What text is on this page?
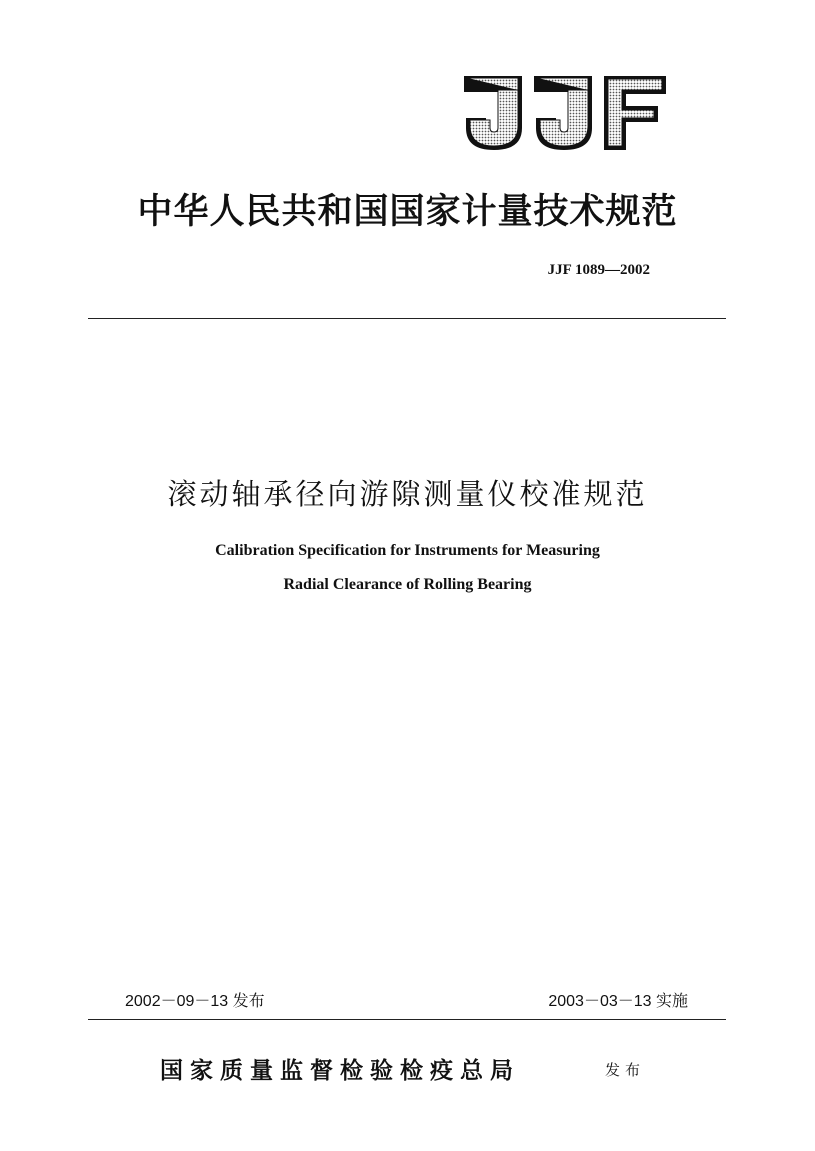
中华人民共和国国家计量技术规范
JJF 1089—2002
滚动轴承径向游隙测量仪校准规范
Calibration Specification for Instruments for Measuring
Radial Clearance of Rolling Bearing
2002－09－13 发布	2003－03－13 实施
国家质量监督检验检疫总局	发布
